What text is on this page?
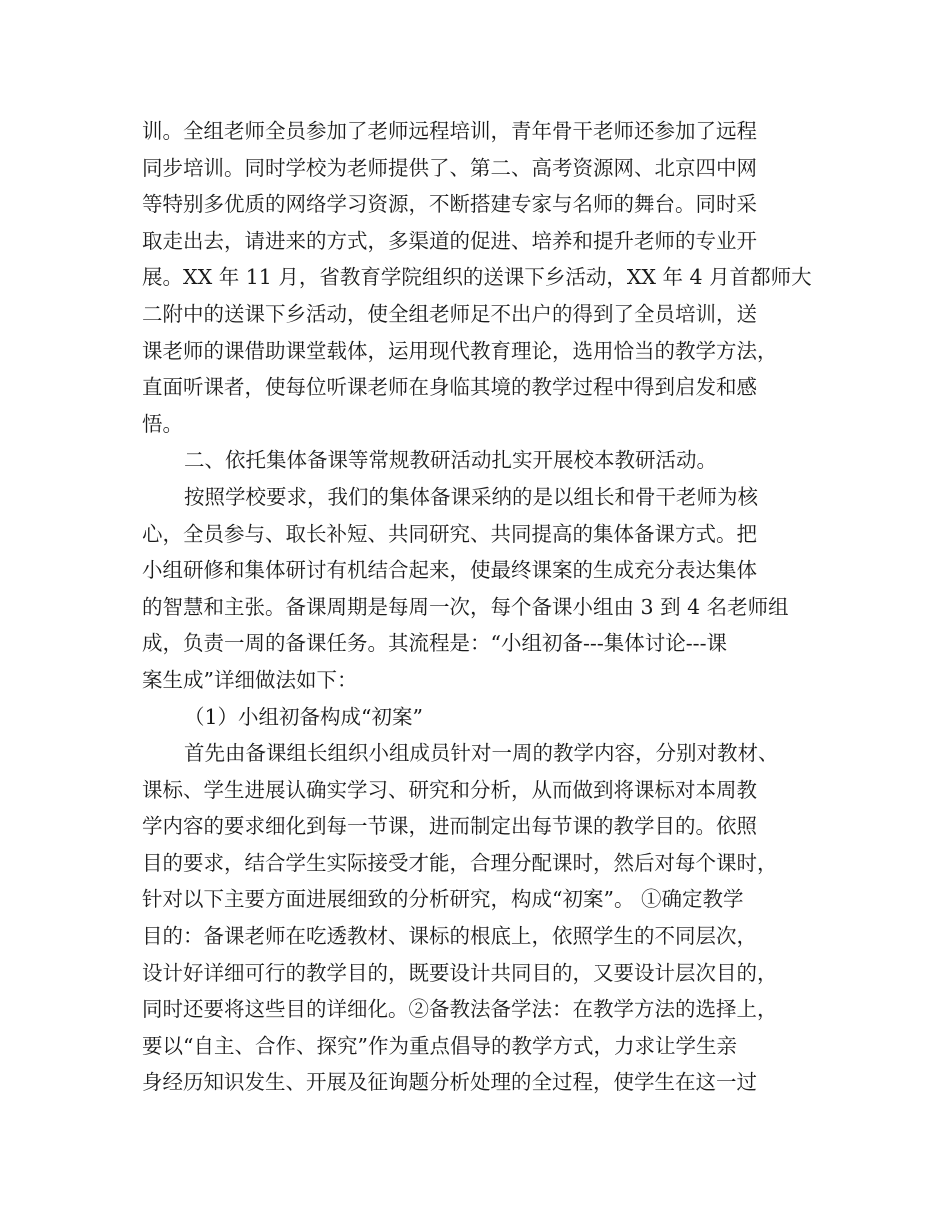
训。全组老师全员参加了老师远程培训，青年骨干老师还参加了远程
同步培训。同时学校为老师提供了、第二、高考资源网、北京四中网
等特别多优质的网络学习资源，不断搭建专家与名师的舞台。同时采
取走出去，请进来的方式，多渠道的促进、培养和提升老师的专业开
展。XX 年 11 月，省教育学院组织的送课下乡活动，XX 年 4 月首都师大
二附中的送课下乡活动，使全组老师足不出户的得到了全员培训，送
课老师的课借助课堂载体，运用现代教育理论，选用恰当的教学方法，
直面听课者，使每位听课老师在身临其境的教学过程中得到启发和感
悟。
二、依托集体备课等常规教研活动扎实开展校本教研活动。
按照学校要求，我们的集体备课采纳的是以组长和骨干老师为核
心，全员参与、取长补短、共同研究、共同提高的集体备课方式。把
小组研修和集体研讨有机结合起来，使最终课案的生成充分表达集体
的智慧和主张。备课周期是每周一次，每个备课小组由 3 到 4 名老师组
成，负责一周的备课任务。其流程是：“小组初备---集体讨论---课
案生成”详细做法如下：
（1）小组初备构成“初案”
首先由备课组长组织小组成员针对一周的教学内容，分别对教材、
课标、学生进展认确实学习、研究和分析，从而做到将课标对本周教
学内容的要求细化到每一节课，进而制定出每节课的教学目的。依照
目的要求，结合学生实际接受才能，合理分配课时，然后对每个课时，
针对以下主要方面进展细致的分析研究，构成“初案”。 ①确定教学
目的：备课老师在吃透教材、课标的根底上，依照学生的不同层次，
设计好详细可行的教学目的，既要设计共同目的，又要设计层次目的，
同时还要将这些目的详细化。②备教法备学法：在教学方法的选择上，
要以“自主、合作、探究”作为重点倡导的教学方式，力求让学生亲
身经历知识发生、开展及征询题分析处理的全过程，使学生在这一过
